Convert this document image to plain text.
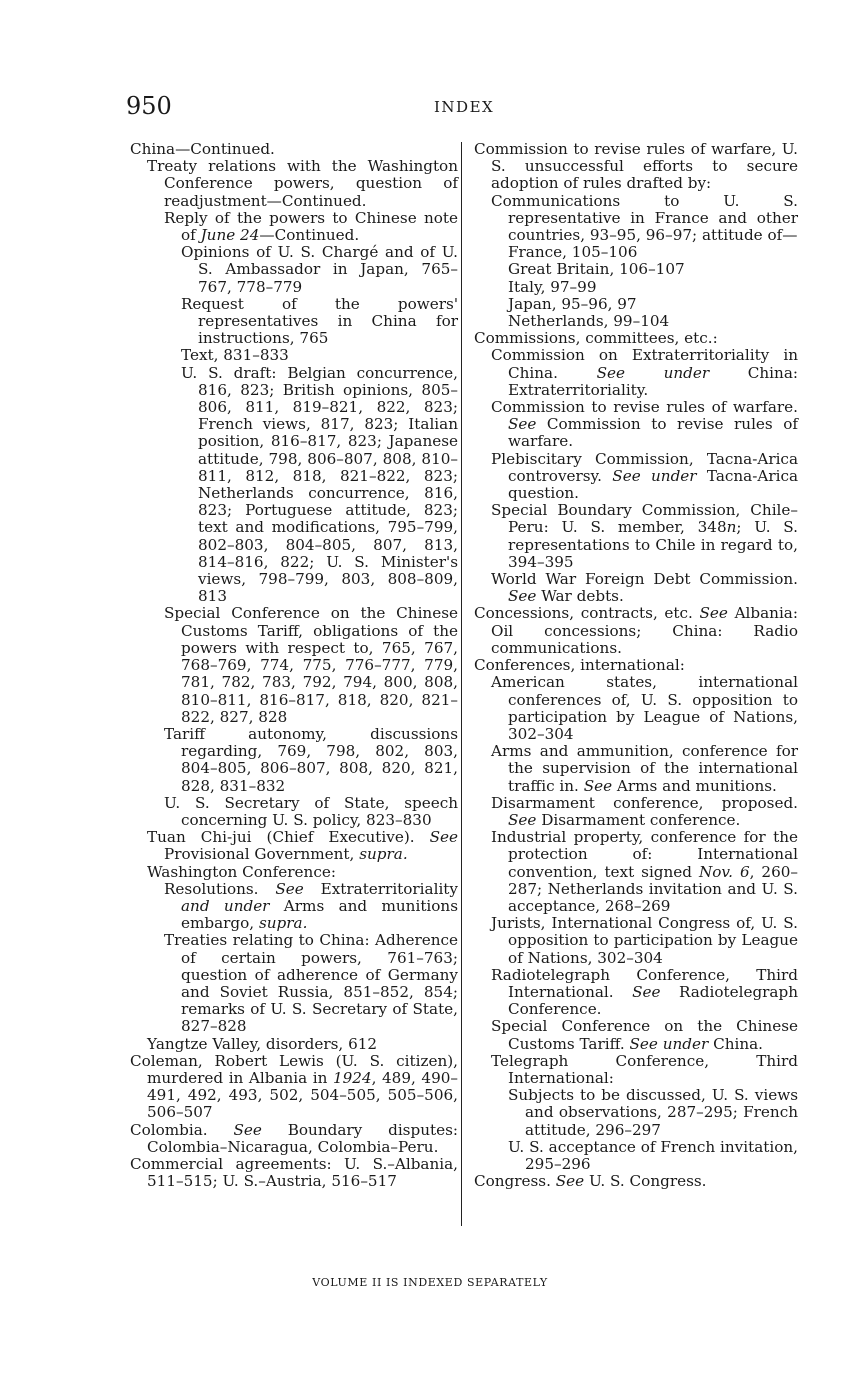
950	INDEX

China—Continued.

Treaty relations with the Washington Conference powers, question of readjustment—Continued.

Reply of the powers to Chinese note of June 24—Continued.

Opinions of U. S. Chargé and of U. S. Ambassador in Japan, 765–767, 778–779

Request of the powers' representatives in China for instructions, 765

Text, 831–833

U. S. draft: Belgian concurrence, 816, 823; British opinions, 805–806, 811, 819–821, 822, 823; French views, 817, 823; Italian position, 816–817, 823; Japanese attitude, 798, 806–807, 808, 810–811, 812, 818, 821–822, 823; Netherlands concurrence, 816, 823; Portuguese attitude, 823; text and modifications, 795–799, 802–803, 804–805, 807, 813, 814–816, 822; U. S. Minister's views, 798–799, 803, 808–809, 813

Special Conference on the Chinese Customs Tariff, obligations of the powers with respect to, 765, 767, 768–769, 774, 775, 776–777, 779, 781, 782, 783, 792, 794, 800, 808, 810–811, 816–817, 818, 820, 821–822, 827, 828

Tariff autonomy, discussions regarding, 769, 798, 802, 803, 804–805, 806–807, 808, 820, 821, 828, 831–832

U. S. Secretary of State, speech concerning U. S. policy, 823–830

Tuan Chi-jui (Chief Executive). See Provisional Government, supra.

Washington Conference:

Resolutions. See Extraterritoriality and under Arms and munitions embargo, supra.

Treaties relating to China: Adherence of certain powers, 761–763; question of adherence of Germany and Soviet Russia, 851–852, 854; remarks of U. S. Secretary of State, 827–828

Yangtze Valley, disorders, 612

Coleman, Robert Lewis (U. S. citizen), murdered in Albania in 1924, 489, 490–491, 492, 493, 502, 504–505, 505–506, 506–507

Colombia. See Boundary disputes: Colombia–Nicaragua, Colombia–Peru.

Commercial agreements: U. S.–Albania, 511–515; U. S.–Austria, 516–517

Commission to revise rules of warfare, U. S. unsuccessful efforts to secure adoption of rules drafted by:

Communications to U. S. representative in France and other countries, 93–95, 96–97; attitude of—

France, 105–106

Great Britain, 106–107

Italy, 97–99

Japan, 95–96, 97

Netherlands, 99–104

Commissions, committees, etc.:

Commission on Extraterritoriality in China. See under China: Extraterritoriality.

Commission to revise rules of warfare. See Commission to revise rules of warfare.

Plebiscitary Commission, Tacna-Arica controversy. See under Tacna-Arica question.

Special Boundary Commission, Chile–Peru: U. S. member, 348n; U. S. representations to Chile in regard to, 394–395

World War Foreign Debt Commission. See War debts.

Concessions, contracts, etc. See Albania: Oil concessions; China: Radio communications.

Conferences, international:

American states, international conferences of, U. S. opposition to participation by League of Nations, 302–304

Arms and ammunition, conference for the supervision of the international traffic in. See Arms and munitions.

Disarmament conference, proposed. See Disarmament conference.

Industrial property, conference for the protection of: International convention, text signed Nov. 6, 260–287; Netherlands invitation and U. S. acceptance, 268–269

Jurists, International Congress of, U. S. opposition to participation by League of Nations, 302–304

Radiotelegraph Conference, Third International. See Radiotelegraph Conference.

Special Conference on the Chinese Customs Tariff. See under China.

Telegraph Conference, Third International:

Subjects to be discussed, U. S. views and observations, 287–295; French attitude, 296–297

U. S. acceptance of French invitation, 295–296

Congress. See U. S. Congress.

VOLUME II IS INDEXED SEPARATELY
